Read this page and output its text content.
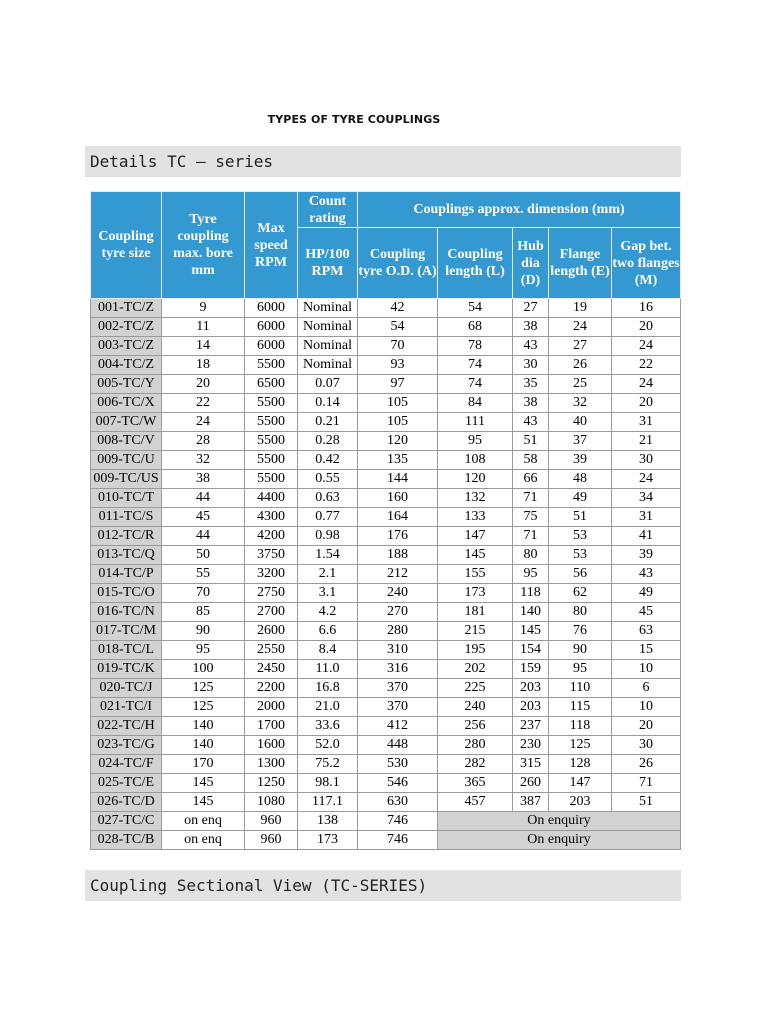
TYPES OF TYRE COUPLINGS
Details TC – series
Coupling tyre size	Tyre coupling max. bore mm	Max speed RPM	Count rating	Couplings approx. dimension (mm)				
			HP/100 RPM	Coupling tyre O.D. (A)	Coupling length (L)	Hub dia (D)	Flange length (E)	Gap bet. two flanges (M)
001-TC/Z	9	6000	Nominal	42	54	27	19	16
002-TC/Z	11	6000	Nominal	54	68	38	24	20
003-TC/Z	14	6000	Nominal	70	78	43	27	24
004-TC/Z	18	5500	Nominal	93	74	30	26	22
005-TC/Y	20	6500	0.07	97	74	35	25	24
006-TC/X	22	5500	0.14	105	84	38	32	20
007-TC/W	24	5500	0.21	105	111	43	40	31
008-TC/V	28	5500	0.28	120	95	51	37	21
009-TC/U	32	5500	0.42	135	108	58	39	30
009-TC/US	38	5500	0.55	144	120	66	48	24
010-TC/T	44	4400	0.63	160	132	71	49	34
011-TC/S	45	4300	0.77	164	133	75	51	31
012-TC/R	44	4200	0.98	176	147	71	53	41
013-TC/Q	50	3750	1.54	188	145	80	53	39
014-TC/P	55	3200	2.1	212	155	95	56	43
015-TC/O	70	2750	3.1	240	173	118	62	49
016-TC/N	85	2700	4.2	270	181	140	80	45
017-TC/M	90	2600	6.6	280	215	145	76	63
018-TC/L	95	2550	8.4	310	195	154	90	15
019-TC/K	100	2450	11.0	316	202	159	95	10
020-TC/J	125	2200	16.8	370	225	203	110	6
021-TC/I	125	2000	21.0	370	240	203	115	10
022-TC/H	140	1700	33.6	412	256	237	118	20
023-TC/G	140	1600	52.0	448	280	230	125	30
024-TC/F	170	1300	75.2	530	282	315	128	26
025-TC/E	145	1250	98.1	546	365	260	147	71
026-TC/D	145	1080	117.1	630	457	387	203	51
027-TC/C	on enq	960	138	746	On enquiry			
028-TC/B	on enq	960	173	746	On enquiry			
Coupling Sectional View (TC-SERIES)
